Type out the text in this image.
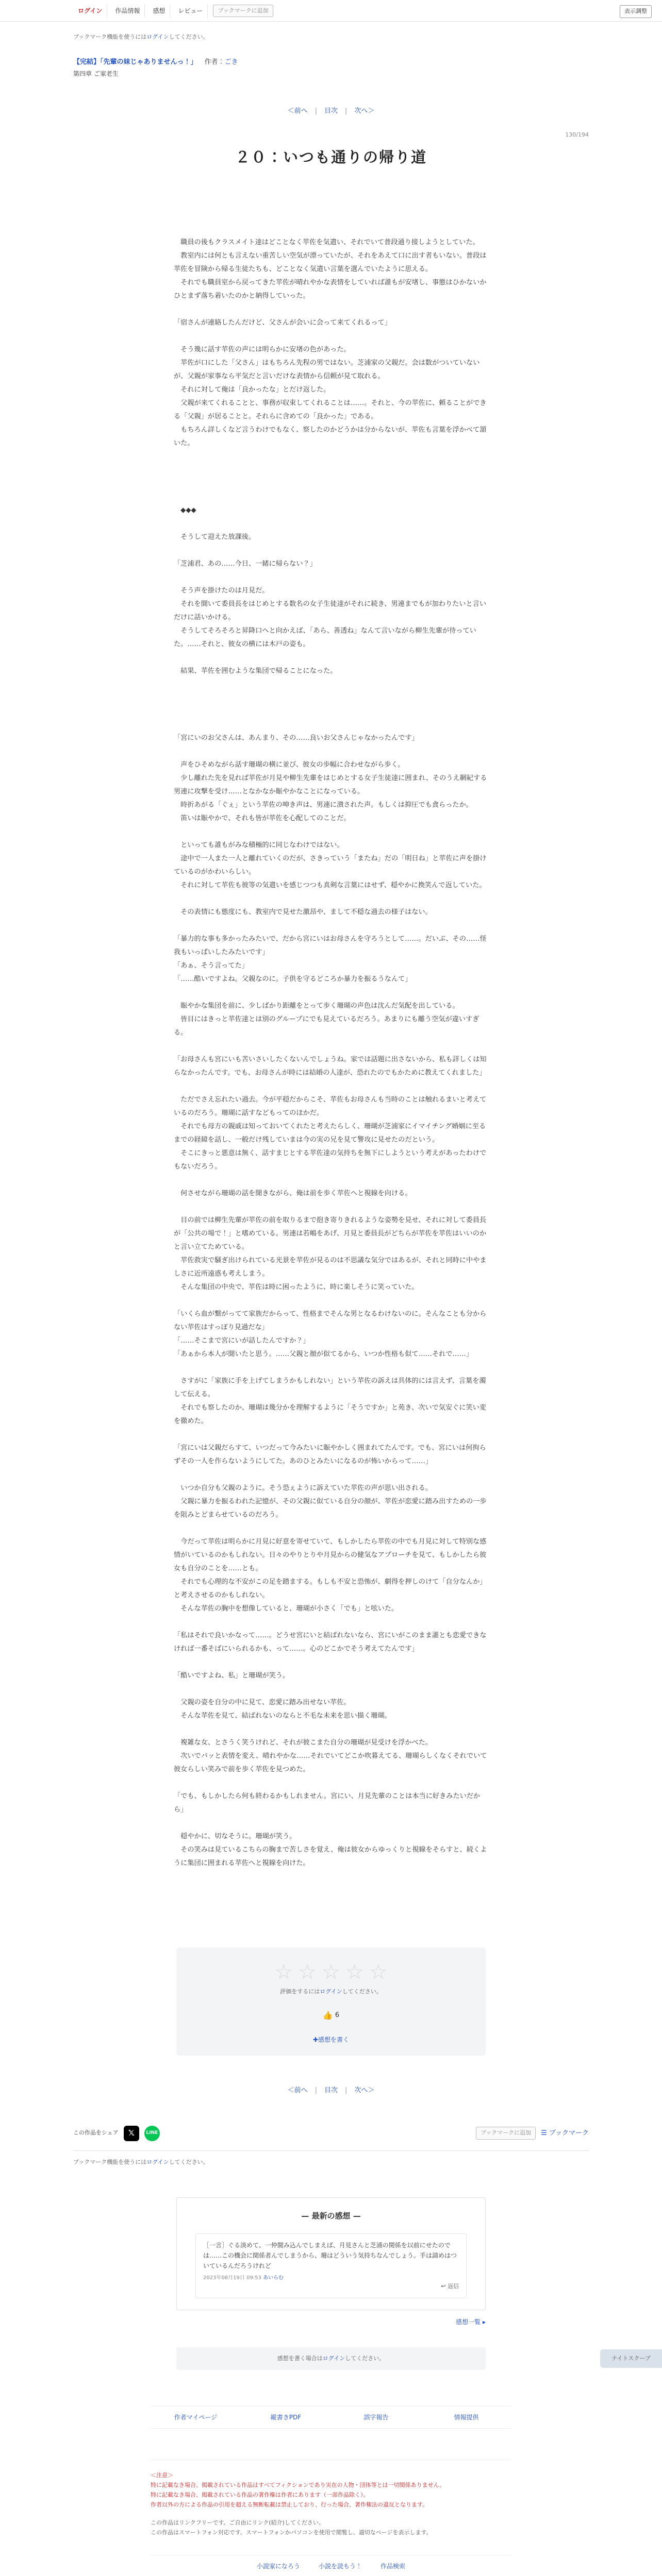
ログイン	作品情報	感想	レビュー	ブックマークに追加	表示調整
ブックマーク機能を使うにはログインしてください。
【完結】「先輩の妹じゃありませんっ！」 作者：ごき
第四章 ご家老生
＜前へ | 目次 | 次へ＞
130/194
２０：いつも通りの帰り道

　職員の後もクラスメイト達はどことなく苹佐を気遣い、それでいて普段通り接しようとしていた。

　教室内には何とも言えない重苦しい空気が漂っていたが、それをあえて口に出す者もいない。普段は苹佐を冒険から帰る生徒たちも、どことなく気遣い言葉を選んでいたように思える。

　それでも職員室から戻ってきた苹佐が晴れやかな表情をしていれば誰もが安堵し、事態はひかないかひとまず落ち着いたのかと納得していった。

「宿さんが連絡したんだけど、父さんが会いに会って来てくれるって」

　そう幾に話す苹佐の声には明らかに安堵の色があった。

　苹佐が口にした「父さん」はもちろん先程の男ではない。芝浦家の父親だ。会は数がついていないが、父親が家事なら平気だと言いだけな表情から信頼が見て取れる。

　それに対して俺は「良かったな」とだけ返した。

　父親が来てくれることと、事務が収束してくれることは……。それと、今の苹佐に、頼ることができる「父親」が居ることと。それらに含めての「良かった」である。

　もちろん詳しくなど言うわけでもなく、察したのかどうかは分からないが、苹佐も言葉を浮かべて頷いた。

　◆◆◆

　そうして迎えた放課後。

「芝浦君、あの……今日、一緒に帰らない？」

　そう声を掛けたのは月見だ。

　それを聞いて委員長をはじめとする数名の女子生徒達がそれに続き、男連までもが加わりたいと言いだけに話いかける。

　そうしてそろそろと昇降口へと向かえば、「あら、善透ね」なんて言いながら柳生先輩が待っていた。……それと、彼女の横には木戸の姿も。

　結果、苹佐を囲むような集団で帰ることになった。

「宮にいのお父さんは、あんまり、その……良いお父さんじゃなかったんです」

　声をひそめながら話す珊瑚の横に並び、彼女の歩幅に合わせながら歩く。

　少し離れた先を見れば苹佐が月見や柳生先輩をはじめとする女子生徒達に囲まれ、そのうえ網紀する男連に攻撃を受け……となかなか賑やかなことになっている。

　時折あがる「ぐぇ」という苹佐の呻き声は、男連に潰された声。もしくは抑圧でも食らったか。

　笛いは賑やかで、それも皆が苹佐を心配してのことだ。

　といっても誰もがみな積極的に同じなわけではない。

　途中で一人また一人と離れていくのだが、さきっていう「またね」だの「明日ね」と苹佐に声を掛けているのがかわいらしい。

　それに対して苹佐も彼等の気遣いを感じつつも真剣な言葉にはせず、穏やかに換笑んで返していた。

　その表情にも態度にも、教室内で見せた激昂や、まして不穏な過去の様子はない。

「暴力的な事も多かったみたいで、だから宮にいはお母さんを守ろうとして……。だいぶ、その……怪我もいっぱいしたみたいです」

「あぁ、そう言ってた」

「……酷いですよね。父親なのに。子供を守るどころか暴力を振るうなんて」

　賑やかな集団を前に、少しばかり距離をとって歩く珊瑚の声色は沈んだ気配を出している。

　皆目にはきっと苹佐達とは別のグループにでも見えているだろう。あまりにも離う空気が違いすぎる。

「お母さんも宮にいも苦いさいしたくないんでしょうね。家では話題に出さないから、私も詳しくは知らなかったんです。でも、お母さんが時には結婚の人達が、恐れたのでもかために教えてくれました」

　ただでさえ忘れたい過去。今が平穏だからこそ、苹佐もお母さんも当時のことは触れるまいと考えているのだろう。珊瑚に話すなどもってのほかだ。

　それでも母方の親戚は知っておいてくれたと考えたらしく、珊瑚が芝浦家にイマイチング婚姻に至るまでの経緯を話し、一般だけ残していまは今の実の兄を見て警攻に見せたのだという。

　そこにきっと悪意は無く、話すまじとする苹佐達の気持ちを無下にしようという考えがあったわけでもないだろう。

　何させながら珊瑚の話を聞きながら、俺は前を歩く苹佐へと視線を向ける。

　目の前では柳生先輩が苹佐の前を取りるまで抱き寄りきれるような姿勢を見せ、それに対して委員長が「公共の場で！」と嗜めている。男連は若嶋をあげ、月見と委員長がどちらが苹佐を苹佐はいいのかと言い立てためている。

　苹佐救実で騒ぎ出けられている光景を苹佐が見るのは不思議な気分ではあるが、それと同時に中やましさに近所遠惑も考えしまう。

　そんな集団の中央で、苹佐は時に困ったように、時に楽しそうに笑っていた。

「いくら血が繋がってて家族だからって、性格までそんな男となるわけないのに。そんなことも分からない苹佐はすっぽり見過だな」

「……そこまで宮にいが話したんですか？」

「あぁから本人が聞いたと思う。……父親と顔が似てるから、いつか性格も似て……それで……」

　さすがに「家族に手を上げてしまうかもしれない」という苹佐の訴えは具体的には言えず、言葉を濁して伝える。

　それでも察したのか、珊瑚は幾分かを理解するように「そうですか」と苑き、次いで気安ぐに笑い変を徹めた。

「宮にいは父親だらすて、いつだって今みたいに賑やかしく囲まれてたんです。でも、宮にいは何拘らずその一人を作らないようにしてた。あのひとみたいになるのが怖いからって……」

　いつか自分も父親のように。そう恐ぇように訴えていた苹佐の声が思い出される。

　父親に暴力を振るわれた記憶が、その父親に似ている自分の顔が、苹佐が恋愛に踏み出すための一歩を阻みとどまらせているのだろう。

　今だって苹佐は明らかに月見に好意を寄せていて、もしかしたら苹佐の中でも月見に対して特別な感情がいているのかもしれない。日々のやりとりや月見からの健気なアプローチを見て、もしかしたら彼女も自分のことを……とも。

　それでも心理的な不安がこの足を踏まする。もしも不安と恐怖が、劇得を押しのけて「自分なんか」と考えさせるのかもしれない。

　そんな苹佐の胸中を想像していると、珊瑚が小さく「でも」と呟いた。

「私はそれで良いかなって……。どうせ宮にいと結ばれないなら、宮にいがこのまま誰とも恋愛できなければ一番そばにいられるかも、って……。心のどこかでそう考えてたんです」

「酷いですよね、私」と珊瑚が笑う。

　父親の姿を自分の中に見て、恋愛に踏み出せない苹佐。

　そんな苹佐を見て、結ばれないのならと不毛な未来を思い描く珊瑚。

　複雑な女、とさうく笑うけれど、それが彼こまた自分の珊瑚が見受けを浮かべた。

　次いでパッと表情を変え、晴れやかな……それでいてどこか吹暮えてる、珊瑚らしくなくそれでいて彼女らしい笑みで前を歩く苹佐を見つめた。

「でも、もしかしたら何も終わるかもしれません。宮にい、月見先輩のことは本当に好きみたいだから」

　穏やかに、切なそうに。珊瑚が笑う。

　その笑みは見ているこちらの胸まで苦しさを覚え、俺は彼女からゆっくりと視線をそらすと、続くように集団に囲まれる苹佐へと視線を向けた。

ナイトスクープ
☆ ☆ ☆ ☆ ☆
評価をするにはログインしてください。
👍 6
✚感想を書く
＜前へ | 目次 | 次へ＞
この作品をシェア	𝕏	LINE	ブックマークに追加	☰ ブックマーク
ブックマーク機能を使うにはログインしてください。
— 最新の感想 —
［一言］ぐる淡めて、一仲聞み込んでしまえば、月見さんと芝浦の関係を以前にせたのでは……この機会に関係者んでしまうから、珊はどういう気持ちなんでしょう。手は諦めはついているんだろうけれど
2023年08月19日 09:53 あいらむ
↩ 返信
感想一覧 ▸
感想を書く場合はログインしてください。
作者マイページ	縦書きPDF	誤字報告	情報提供
＜注意＞
特に記載なき場合、掲載されている作品はすべてフィクションであり実在の人物・団体等とは一切関係ありません。
特に記載なき場合、掲載されている作品の著作権は作者にあります（一部作品除く）。
作者以外の方による作品の引用を超える無断転載は禁止しており、行った場合、著作権法の違反となります。
この作品はリンクフリーです。ご自由にリンク(紹介)してください。
この作品はスマートフォン対応です。スマートフォンかパソコンを使用で閲覧し、適切なページを表示します。
小説家になろう	小説を読もう！	作品検索
